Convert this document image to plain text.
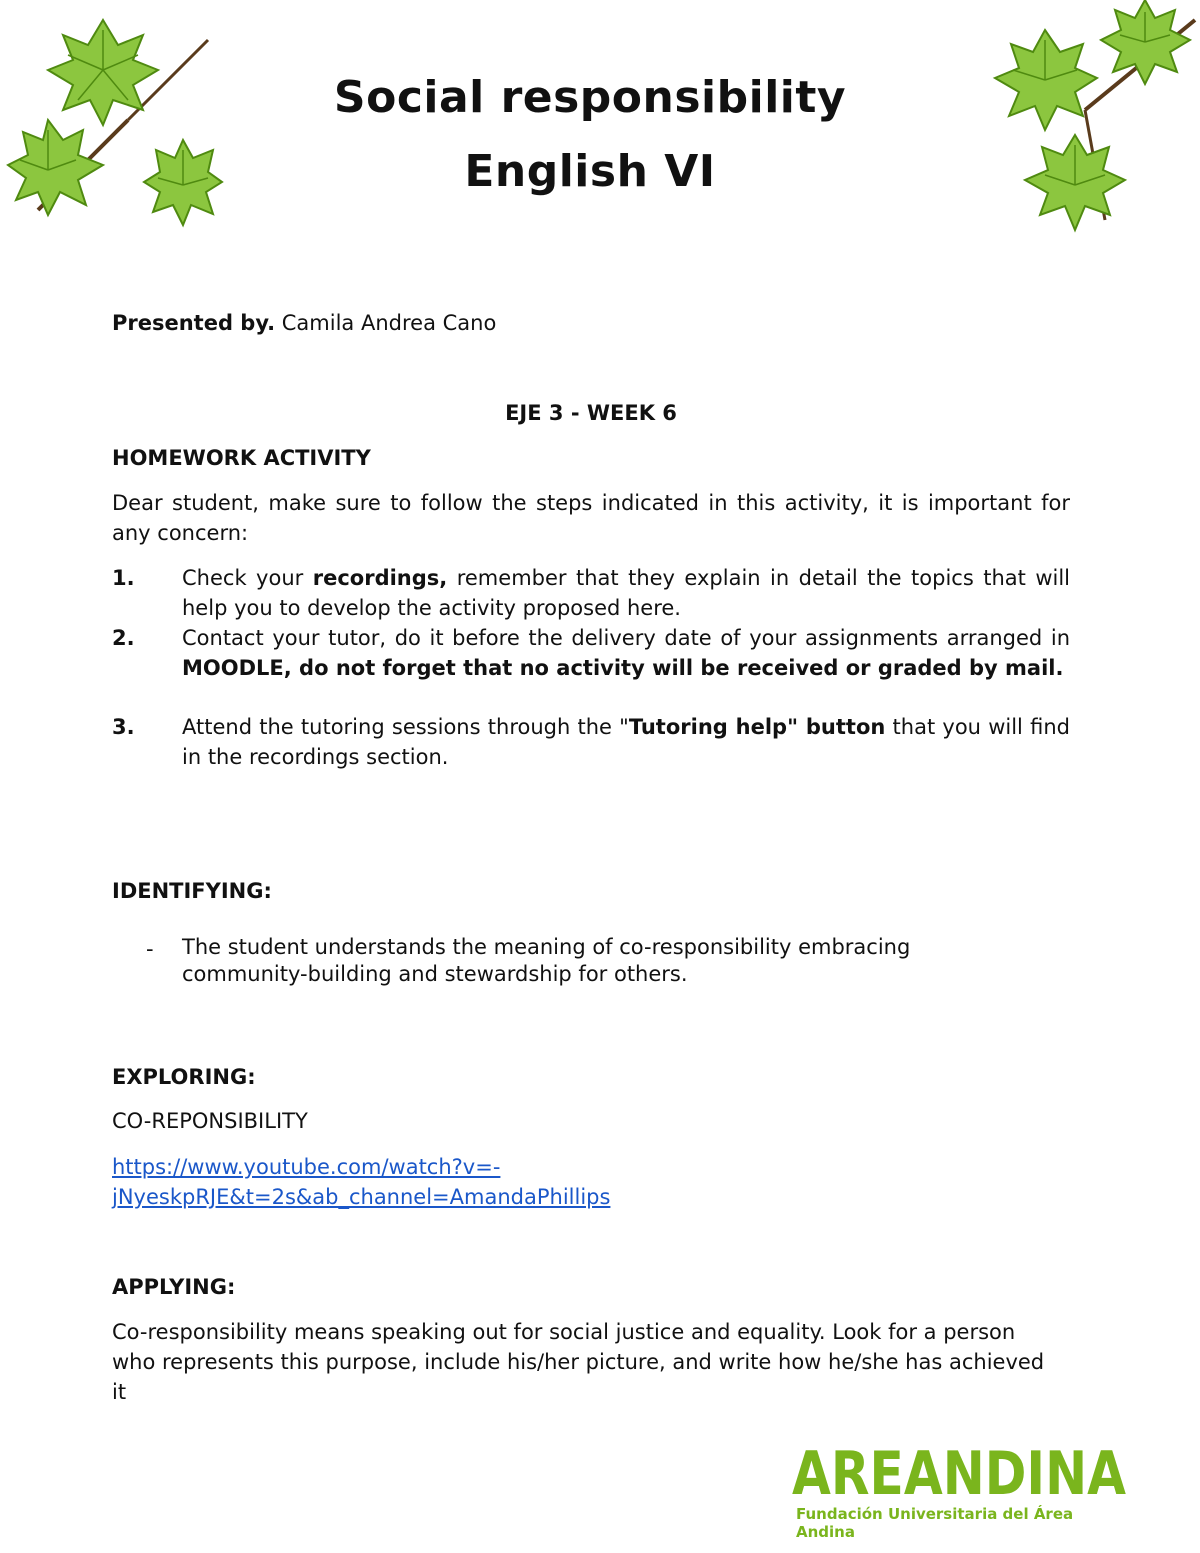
Social responsibility
English VI

Presented by. Camila Andrea Cano

EJE 3 - WEEK 6

HOMEWORK ACTIVITY

Dear student, make sure to follow the steps indicated in this activity, it is important for any concern:

1.	Check your recordings, remember that they explain in detail the topics that will help you to develop the activity proposed here.

2.	Contact your tutor, do it before the delivery date of your assignments arranged in MOODLE, do not forget that no activity will be received or graded by mail.

3.	Attend the tutoring sessions through the "Tutoring help" button that you will find in the recordings section.

IDENTIFYING:

- The student understands the meaning of co-responsibility embracing community-building and stewardship for others.

EXPLORING:

CO-REPONSIBILITY

https://www.youtube.com/watch?v=-
jNyeskpRJE&t=2s&ab_channel=AmandaPhillips

APPLYING:

Co-responsibility means speaking out for social justice and equality. Look for a person who represents this purpose, include his/her picture, and write how he/she has achieved it

AREANDINA

Fundación Universitaria del Área Andina
